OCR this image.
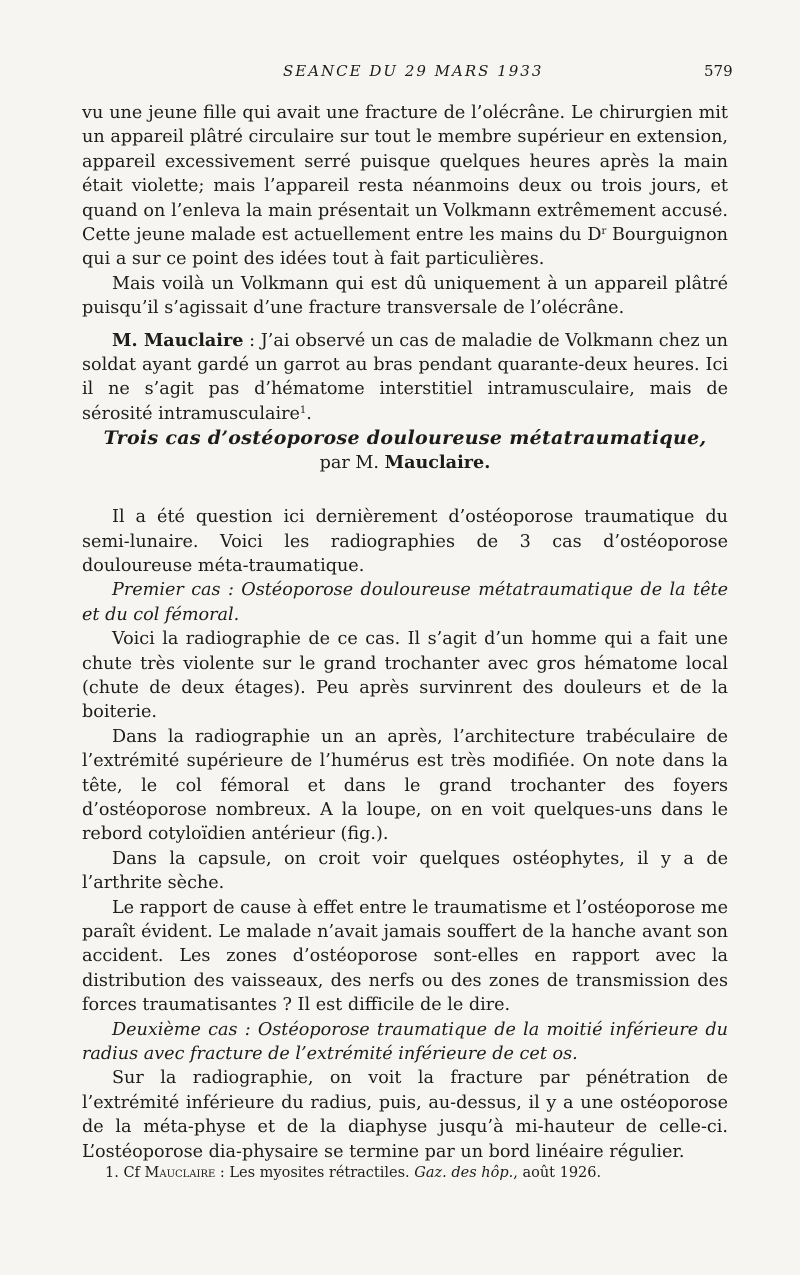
SEANCE DU 29 MARS 1933	579

vu une jeune fille qui avait une fracture de l’olécrâne. Le chirurgien mit un appareil plâtré circulaire sur tout le membre supérieur en extension, appareil excessivement serré puisque quelques heures après la main était violette; mais l’appareil resta néanmoins deux ou trois jours, et quand on l’enleva la main présentait un Volkmann extrêmement accusé. Cette jeune malade est actuellement entre les mains du $D^r$ Bourguignon qui a sur ce point des idées tout à fait particulières.

Mais voilà un Volkmann qui est dû uniquement à un appareil plâtré puisqu’il s’agissait d’une fracture transversale de l’olécrâne.

M. Mauclaire : J’ai observé un cas de maladie de Volkmann chez un soldat ayant gardé un garrot au bras pendant quarante-deux heures. Ici il ne s’agit pas d’hématome interstitiel intramusculaire, mais de sérosité intramusculaire$^1$.

Trois cas d’ostéoporose douloureuse métatraumatique,

par M. Mauclaire.

Il a été question ici dernièrement d’ostéoporose traumatique du semi-lunaire. Voici les radiographies de 3 cas d’ostéoporose douloureuse méta-traumatique.

Premier cas : Ostéoporose douloureuse métatraumatique de la tête et du col fémoral.

Voici la radiographie de ce cas. Il s’agit d’un homme qui a fait une chute très violente sur le grand trochanter avec gros hématome local (chute de deux étages). Peu après survinrent des douleurs et de la boiterie.

Dans la radiographie un an après, l’architecture trabéculaire de l’extrémité supérieure de l’humérus est très modifiée. On note dans la tête, le col fémoral et dans le grand trochanter des foyers d’ostéoporose nombreux. A la loupe, on en voit quelques-uns dans le rebord cotyloïdien antérieur (fig.).

Dans la capsule, on croit voir quelques ostéophytes, il y a de l’arthrite sèche.

Le rapport de cause à effet entre le traumatisme et l’ostéoporose me paraît évident. Le malade n’avait jamais souffert de la hanche avant son accident. Les zones d’ostéoporose sont-elles en rapport avec la distribution des vaisseaux, des nerfs ou des zones de transmission des forces traumatisantes ? Il est difficile de le dire.

Deuxième cas : Ostéoporose traumatique de la moitié inférieure du radius avec fracture de l’extrémité inférieure de cet os.

Sur la radiographie, on voit la fracture par pénétration de l’extrémité inférieure du radius, puis, au-dessus, il y a une ostéoporose de la méta-physe et de la diaphyse jusqu’à mi-hauteur de celle-ci. L’ostéoporose dia-physaire se termine par un bord linéaire régulier.

1. Cf Mauclaire : Les myosites rétractiles. Gaz. des hôp., août 1926.
